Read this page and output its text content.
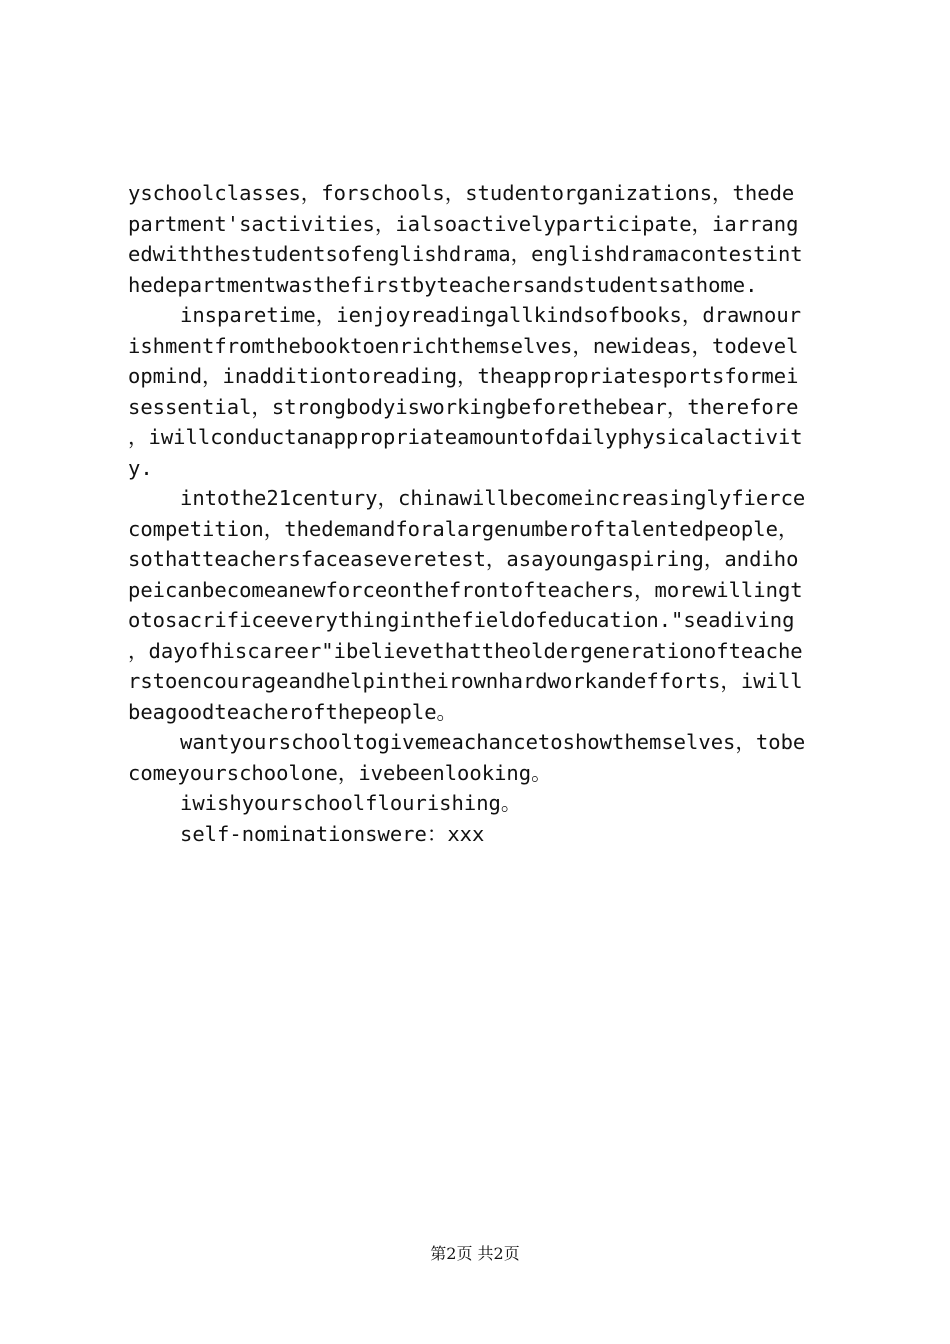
yschoolclasses，forschools，studentorganizations，thede
partment'sactivities，ialsoactivelyparticipate，iarrang
edwiththestudentsofenglishdrama，englishdramacontestint
hedepartmentwasthefirstbyteachersandstudentsathome.
insparetime，ienjoyreadingallkindsofbooks，drawnour
ishmentfromthebooktoenrichthemselves，newideas，todevel
opmind，inadditiontoreading，theappropriatesportsformei
sessential，strongbodyisworkingbeforethebear，therefore
，iwillconductanappropriateamountofdailyphysicalactivit
y.
intothe21century，chinawillbecomeincreasinglyfierce
competition，thedemandforalargenumberoftalentedpeople，
sothatteachersfaceaseveretest，asayoungaspiring，andiho
peicanbecomeanewforceonthefrontofteachers，morewillingt
otosacrificeeverythinginthefieldofeducation."seadiving
，dayofhiscareer"ibelievethattheoldergenerationofteache
rstoencourageandhelpintheirownhardworkandefforts，iwill
beagoodteacherofthepeople。
wantyourschooltogivemeachancetoshowthemselves，tobe
comeyourschoolone，ivebeenlooking。
iwishyourschoolflourishing。
self-nominationswere：xxx
第2页 共2页
